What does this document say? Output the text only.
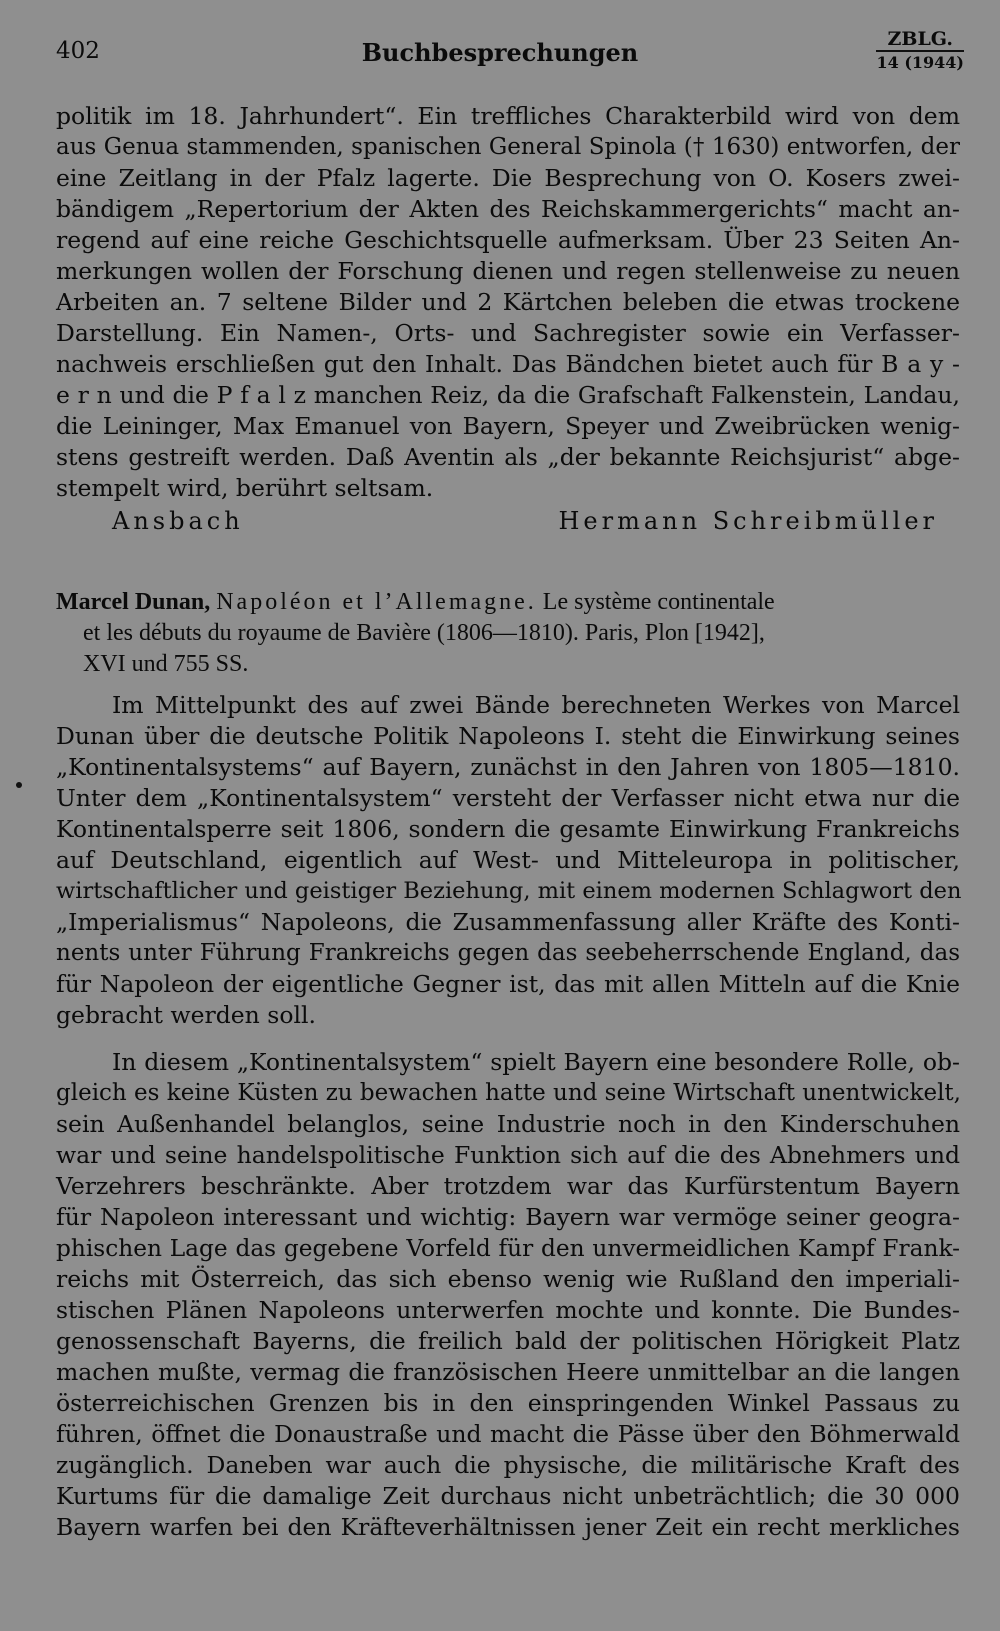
402	Buchbesprechungen	ZBLG.
14 (1944)
politik im 18. Jahrhundert“. Ein treffliches Charakterbild wird von dem
aus Genua stammenden, spanischen General Spinola († 1630) entworfen, der
eine Zeitlang in der Pfalz lagerte. Die Besprechung von O. Kosers zwei-
bändigem „Repertorium der Akten des Reichskammergerichts“ macht an-
regend auf eine reiche Geschichtsquelle aufmerksam. Über 23 Seiten An-
merkungen wollen der Forschung dienen und regen stellenweise zu neuen
Arbeiten an. 7 seltene Bilder und 2 Kärtchen beleben die etwas trockene
Darstellung. Ein Namen-, Orts- und Sachregister sowie ein Verfasser-
nachweis erschließen gut den Inhalt. Das Bändchen bietet auch für B a y -
e r n und die P f a l z manchen Reiz, da die Grafschaft Falkenstein, Landau,
die Leininger, Max Emanuel von Bayern, Speyer und Zweibrücken wenig-
stens gestreift werden. Daß Aventin als „der bekannte Reichsjurist“ abge-
stempelt wird, berührt seltsam.
Ansbach	Hermann Schreibmüller
Marcel Dunan, Napoléon et l’Allemagne. Le système continentale
et les débuts du royaume de Bavière (1806—1810). Paris, Plon [1942],
XVI und 755 SS.
Im Mittelpunkt des auf zwei Bände berechneten Werkes von Marcel
Dunan über die deutsche Politik Napoleons I. steht die Einwirkung seines
„Kontinentalsystems“ auf Bayern, zunächst in den Jahren von 1805—1810.
Unter dem „Kontinentalsystem“ versteht der Verfasser nicht etwa nur die
Kontinentalsperre seit 1806, sondern die gesamte Einwirkung Frankreichs
auf Deutschland, eigentlich auf West- und Mitteleuropa in politischer,
wirtschaftlicher und geistiger Beziehung, mit einem modernen Schlagwort den
„Imperialismus“ Napoleons, die Zusammenfassung aller Kräfte des Konti-
nents unter Führung Frankreichs gegen das seebeherrschende England, das
für Napoleon der eigentliche Gegner ist, das mit allen Mitteln auf die Knie
gebracht werden soll.
In diesem „Kontinentalsystem“ spielt Bayern eine besondere Rolle, ob-
gleich es keine Küsten zu bewachen hatte und seine Wirtschaft unentwickelt,
sein Außenhandel belanglos, seine Industrie noch in den Kinderschuhen
war und seine handelspolitische Funktion sich auf die des Abnehmers und
Verzehrers beschränkte. Aber trotzdem war das Kurfürstentum Bayern
für Napoleon interessant und wichtig: Bayern war vermöge seiner geogra-
phischen Lage das gegebene Vorfeld für den unvermeidlichen Kampf Frank-
reichs mit Österreich, das sich ebenso wenig wie Rußland den imperiali-
stischen Plänen Napoleons unterwerfen mochte und konnte. Die Bundes-
genossenschaft Bayerns, die freilich bald der politischen Hörigkeit Platz
machen mußte, vermag die französischen Heere unmittelbar an die langen
österreichischen Grenzen bis in den einspringenden Winkel Passaus zu
führen, öffnet die Donaustraße und macht die Pässe über den Böhmerwald
zugänglich. Daneben war auch die physische, die militärische Kraft des
Kurtums für die damalige Zeit durchaus nicht unbeträchtlich; die 30 000
Bayern warfen bei den Kräfteverhältnissen jener Zeit ein recht merkliches
